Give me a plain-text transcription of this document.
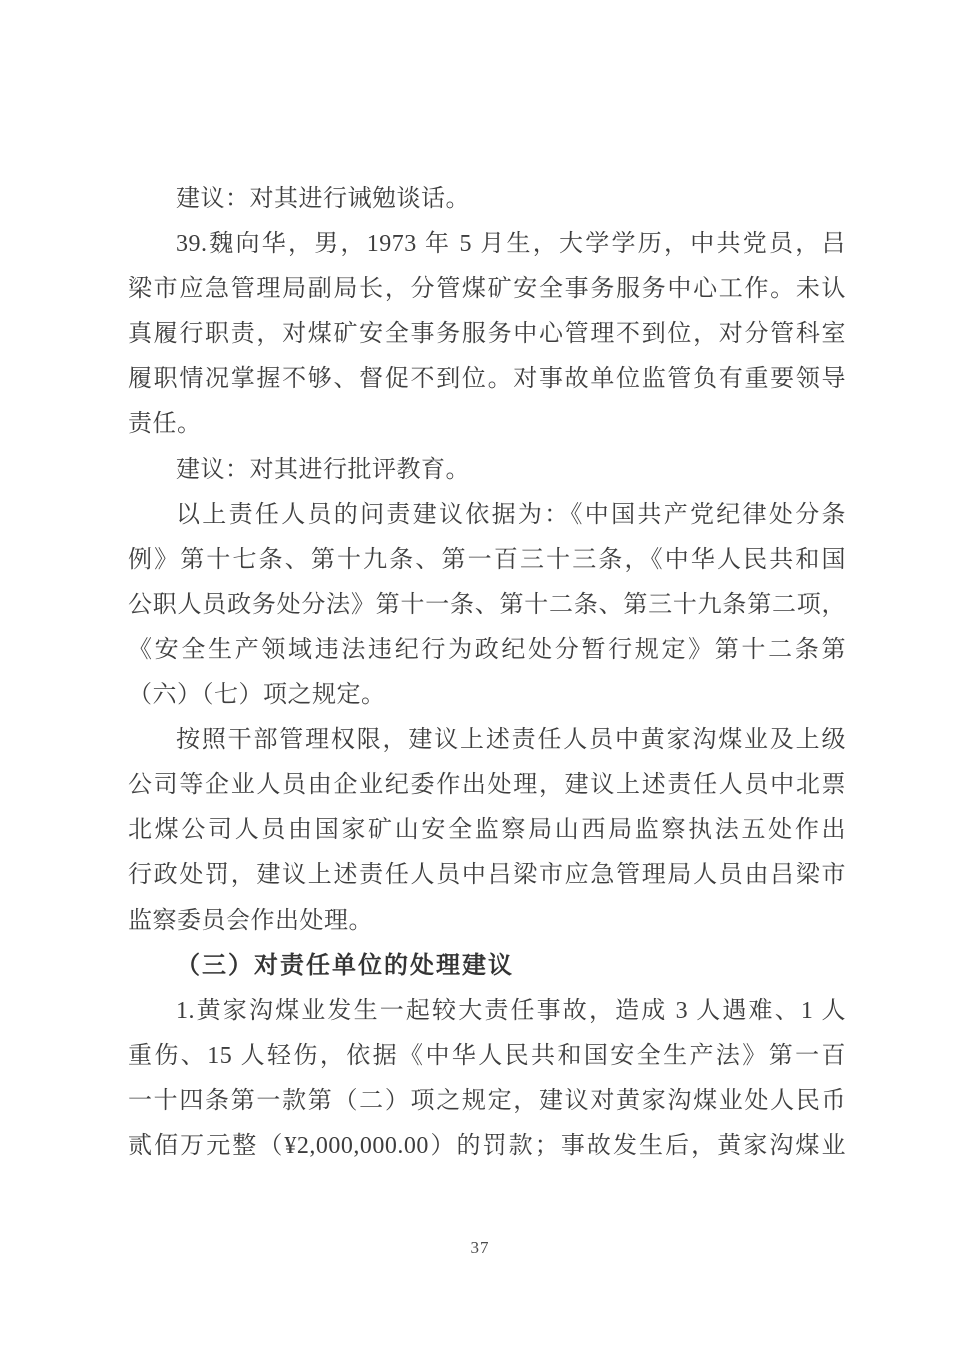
建议：对其进行诫勉谈话。
39.魏向华，男，1973 年 5 月生，大学学历，中共党员，吕
梁市应急管理局副局长，分管煤矿安全事务服务中心工作。未认
真履行职责，对煤矿安全事务服务中心管理不到位，对分管科室
履职情况掌握不够、督促不到位。对事故单位监管负有重要领导
责任。
建议：对其进行批评教育。
以上责任人员的问责建议依据为：《中国共产党纪律处分条
例》第十七条、第十九条、第一百三十三条，《中华人民共和国
公职人员政务处分法》第十一条、第十二条、第三十九条第二项，
《安全生产领域违法违纪行为政纪处分暂行规定》第十二条第
（六）（七）项之规定。
按照干部管理权限，建议上述责任人员中黄家沟煤业及上级
公司等企业人员由企业纪委作出处理，建议上述责任人员中北票
北煤公司人员由国家矿山安全监察局山西局监察执法五处作出
行政处罚，建议上述责任人员中吕梁市应急管理局人员由吕梁市
监察委员会作出处理。
（三）对责任单位的处理建议
1.黄家沟煤业发生一起较大责任事故，造成 3 人遇难、1 人
重伤、15 人轻伤，依据《中华人民共和国安全生产法》第一百
一十四条第一款第（二）项之规定，建议对黄家沟煤业处人民币
贰佰万元整（¥2,000,000.00）的罚款；事故发生后，黄家沟煤业
37
